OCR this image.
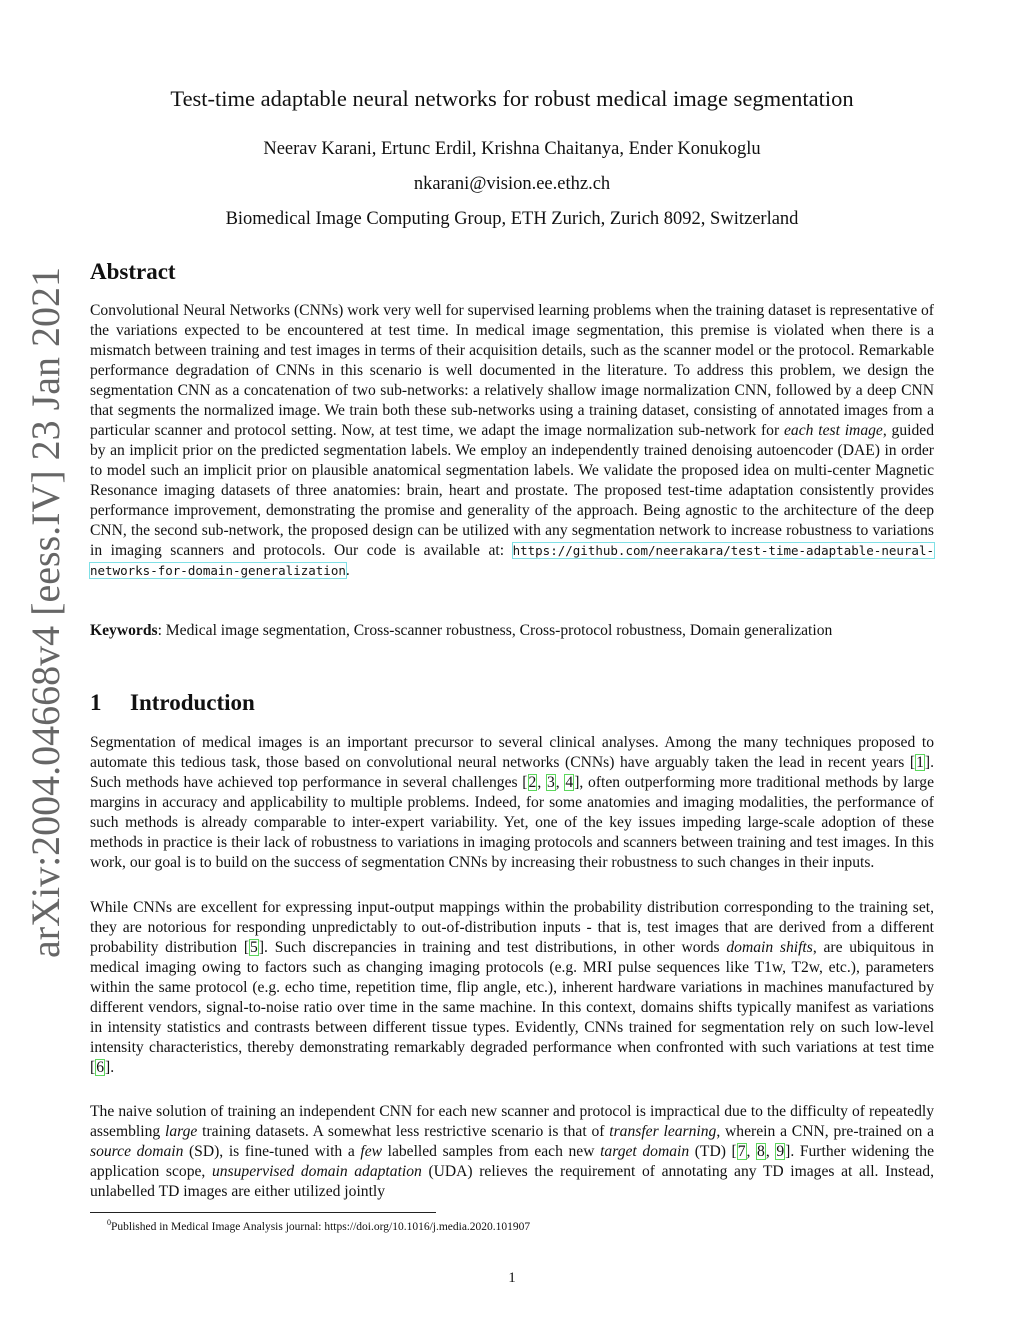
arXiv:2004.04668v4 [eess.IV] 23 Jan 2021
Test-time adaptable neural networks for robust medical image segmentation
Neerav Karani, Ertunc Erdil, Krishna Chaitanya, Ender Konukoglu
nkarani@vision.ee.ethz.ch
Biomedical Image Computing Group, ETH Zurich, Zurich 8092, Switzerland
Abstract

Convolutional Neural Networks (CNNs) work very well for supervised learning problems when the training dataset is representative of the variations expected to be encountered at test time. In medical image segmentation, this premise is violated when there is a mismatch between training and test images in terms of their acquisition details, such as the scanner model or the protocol. Remarkable performance degradation of CNNs in this scenario is well documented in the literature. To address this problem, we design the segmentation CNN as a concatenation of two sub-networks: a relatively shallow image normalization CNN, followed by a deep CNN that segments the normalized image. We train both these sub-networks using a training dataset, consisting of annotated images from a particular scanner and protocol setting. Now, at test time, we adapt the image normalization sub-network for each test image, guided by an implicit prior on the predicted segmentation labels. We employ an independently trained denoising autoencoder (DAE) in order to model such an implicit prior on plausible anatomical segmentation labels. We validate the proposed idea on multi-center Magnetic Resonance imaging datasets of three anatomies: brain, heart and prostate. The proposed test-time adaptation consistently provides performance improvement, demonstrating the promise and generality of the approach. Being agnostic to the architecture of the deep CNN, the second sub-network, the proposed design can be utilized with any segmentation network to increase robustness to variations in imaging scanners and protocols. Our code is available at: https://github.com/neerakara/test-time-adaptable-neural-networks-for-domain-generalization.

Keywords: Medical image segmentation, Cross-scanner robustness, Cross-protocol robustness, Domain generalization

1 Introduction

Segmentation of medical images is an important precursor to several clinical analyses. Among the many techniques proposed to automate this tedious task, those based on convolutional neural networks (CNNs) have arguably taken the lead in recent years [1]. Such methods have achieved top performance in several challenges [2, 3, 4], often outperforming more traditional methods by large margins in accuracy and applicability to multiple problems. Indeed, for some anatomies and imaging modalities, the performance of such methods is already comparable to inter-expert variability. Yet, one of the key issues impeding large-scale adoption of these methods in practice is their lack of robustness to variations in imaging protocols and scanners between training and test images. In this work, our goal is to build on the success of segmentation CNNs by increasing their robustness to such changes in their inputs.

While CNNs are excellent for expressing input-output mappings within the probability distribution corresponding to the training set, they are notorious for responding unpredictably to out-of-distribution inputs - that is, test images that are derived from a different probability distribution [5]. Such discrepancies in training and test distributions, in other words domain shifts, are ubiquitous in medical imaging owing to factors such as changing imaging protocols (e.g. MRI pulse sequences like T1w, T2w, etc.), parameters within the same protocol (e.g. echo time, repetition time, flip angle, etc.), inherent hardware variations in machines manufactured by different vendors, signal-to-noise ratio over time in the same machine. In this context, domains shifts typically manifest as variations in intensity statistics and contrasts between different tissue types. Evidently, CNNs trained for segmentation rely on such low-level intensity characteristics, thereby demonstrating remarkably degraded performance when confronted with such variations at test time [6].

The naive solution of training an independent CNN for each new scanner and protocol is impractical due to the difficulty of repeatedly assembling large training datasets. A somewhat less restrictive scenario is that of transfer learning, wherein a CNN, pre-trained on a source domain (SD), is fine-tuned with a few labelled samples from each new target domain (TD) [7, 8, 9]. Further widening the application scope, unsupervised domain adaptation (UDA) relieves the requirement of annotating any TD images at all. Instead, unlabelled TD images are either utilized jointly

$^0$Published in Medical Image Analysis journal: https://doi.org/10.1016/j.media.2020.101907
1
